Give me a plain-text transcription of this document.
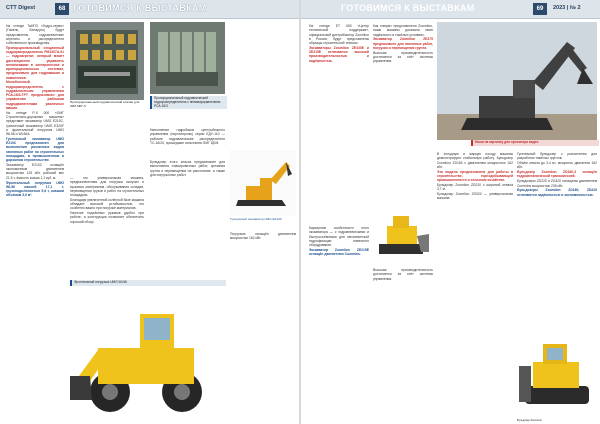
CTT Digest	68 ГОТОВИМСЯ К ВЫСТАВКАМ

На стенде ТаНПЗ «Гидро-серво» (Гомель, Беларусь) будут представлены гидравлические агрегаты и распределители собственного производства.

Пропорциональный секционный гидрораспределитель РМ1307А-01 — гидроагрегат, который может дистанционно управлять механизмами в электрических и пропорциональных системах, предназначен для гидромашин и комплексов.

Моноблочный гидрораспределитель с гидравлическим управлением РСА-16/3-ТРТ предназначен для управления рабочими гидродвигателями различных машин.

На стенде Р-Х 000 «ОМГ Строительно-дорожные машины» представит экскаватор UMG E210C, гусеничный экскаватор UMG E320F и фронтальный погрузчик UMG WL56 и WL56A.

Гусеничный экскаватор UMG E210C предназначен для выполнения различных видов земляных работ на строительных площадках, в промышленном и дорожном строительстве.

Экскаватор E210C оснащён экономичным двигателем мощностью 125 кВт, рабочий вес 21,5 т, ёмкость ковша 1,1 куб. м.

Фронтальный погрузчик UMG WL56 массой 17,1 т, грузоподъёмностью 5,6 т, ковшом объёмом 3,0 м³.

Пропорциональный гидравлический клапан для ЗИЛ МКГ-5

— это универсальная машина, предназначенная для погрузки сыпучих и кусковых материалов, обслуживания складов, перемещения грузов и работ на строительных площадках.

Благодаря увеличенной колёсной базе машина обладает высокой устойчивостью, что особенно важно при погрузке материалов.

Наличие подъёмных рукавов удобно при работе, а конструкция позволяет обеспечить хороший обзор.

Пропорциональный гидравлический гидрораспределитель с пневмоуправлением РСА-16/3

Наполнение гидробаков центробежного управления (пиропатроны) серии ЕДУ-110 — рабочие гидравлические распределители ТС-16/20, прошедшие испытания ОМГ ЦБМ.

Гусеничный экскаватор UMG E210C
Фронтальный погрузчик UMG WL56

Бульдозер этого класса предназначен для выполнения планировочных работ, срезания грунта и перемещения на расстояние, а также для погрузочных работ.

Погрузчик оснащён двигателем мощностью 162 кВт.

ГОТОВИМСЯ К ВЫСТАВКАМ	69	2023 | № 2

На стенде ЕТ 000 «Центр технической поддержки», официальный дистрибьютор Zoomlion в России, будут представлены образцы строительной техники.

Экскаваторы Zoomlion ZE330E и ZE215E отличаются высокой производительностью и надёжностью.

Как говорят представители Zoomlion, наши машины доказали свою надёжность в тяжёлых условиях.

Экскаватор Zoomlion ZE375 предназначен для земляных работ, погрузки и перемещения грунта.

Высокая производительность достигается за счёт системы управления.

Наши на картинку для просмотра видео

Карьерные особенности этого экскаватора — с гидравлическими и быстросъёмными для механической гидрофикации навесного оборудования.

Экскаватор Zoomlion ZE215E оснащён двигателем Cummins.

Высокая производительность достигается за счёт системы управления.

В холодную и жаркую погоду машины демонстрируют стабильную работу. Бульдозер Zoomlion ZD160 с двигателем мощностью 162 кВт.

Эта модель предназначена для работы в строительстве, горнодобывающей промышленности и сельском хозяйстве.

Бульдозер Zoomlion ZD220 с шириной отвала 3,7 м.

Бульдозер Zoomlion ZD320 — универсальная машина.

Гусеничный бульдозер с рыхлителем для разработки тяжёлых грунтов.

Объём отвала до 3,4 м³, мощность двигателя 162 кВт.

Бульдозер Zoomlion ZD160-3 оснащён гидромеханической трансмиссией.

Бульдозеры ZD220 и ZD320 оснащены двигателем Cummins мощностью 235 кВт.

Бульдозеры Zoomlion ZD160, ZD220 отличаются надёжностью и экономичностью.

Бульдозер ZoomLion
